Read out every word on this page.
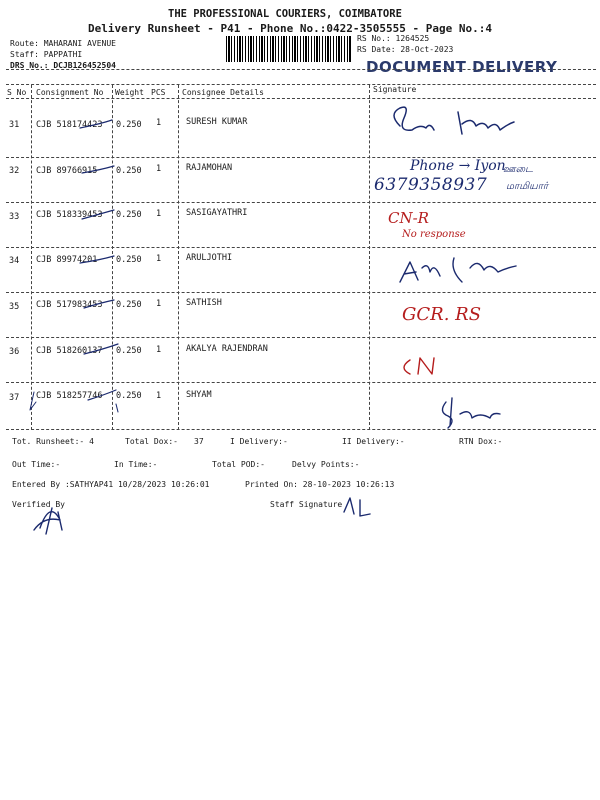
THE PROFESSIONAL COURIERS, COIMBATORE
Delivery Runsheet - P41 - Phone No.:0422-3505555 - Page No.:4
Route: MAHARANI AVENUE
Staff: PAPPATHI
DRS No.: DCJB126452504
RS No.: 1264525
RS Date: 28-Oct-2023
DOCUMENT DELIVERY
S No Consignment No Weight PCS Consignee Details	Signature
31 CJB 518174423 0.250 1	SURESH KUMAR
32 CJB 89766915 0.250 1	RAJAMOHAN
33 CJB 518339453 0.250 1	SASIGAYATHRI
34 CJB 89974201 0.250 1	ARULJOTHI
35 CJB 517983453 0.250 1	SATHISH
36 CJB 518260137 0.250 1	AKALYA RAJENDRAN
37 CJB 518257746 0.250 1	SHYAM
Phone → Iyon
ஊடை
6379358937 மாமியார்
CN-R
No response
GCR. RS
Tot. Runsheet:- 4	Total Dox:- 37	I Delivery:-	II Delivery:-	RTN Dox:-
Out Time:-	In Time:-	Total POD:-	Delvy Points:-
Entered By :SATHYAP41 10/28/2023 10:26:01	Printed On: 28-10-2023 10:26:13
Verified By	Staff Signature
